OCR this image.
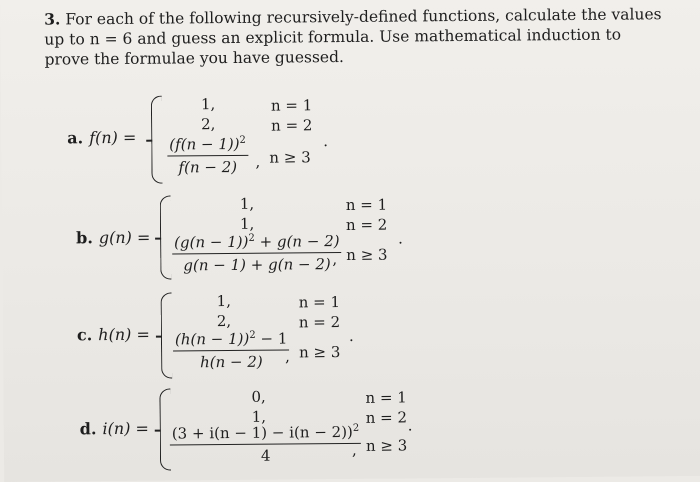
3. For each of the following recursively-defined functions, calculate the values up to n = 6 and guess an explicit formula. Use mathematical induction to prove the formulae you have guessed.
a. f(n) =
1,	n = 1
2,	n = 2
$\frac{(f(n - 1))^2}{f(n - 2)}$ , n ≥ 3
.
b. g(n) =
1,	n = 1
1,	n = 2
$\frac{(g(n - 1))^2 + g(n - 2)}{g(n - 1) + g(n - 2)}$
, n ≥ 3
.
c. h(n) =
1,	n = 1
2,	n = 2
$\frac{(h(n - 1))^2 - 1}{h(n - 2)}$
, n ≥ 3
.
d. i(n) =
0,	n = 1
1,	n = 2
$\frac{(3 + i(n - 1) - i(n - 2))^2}{4}$
, n ≥ 3
.
